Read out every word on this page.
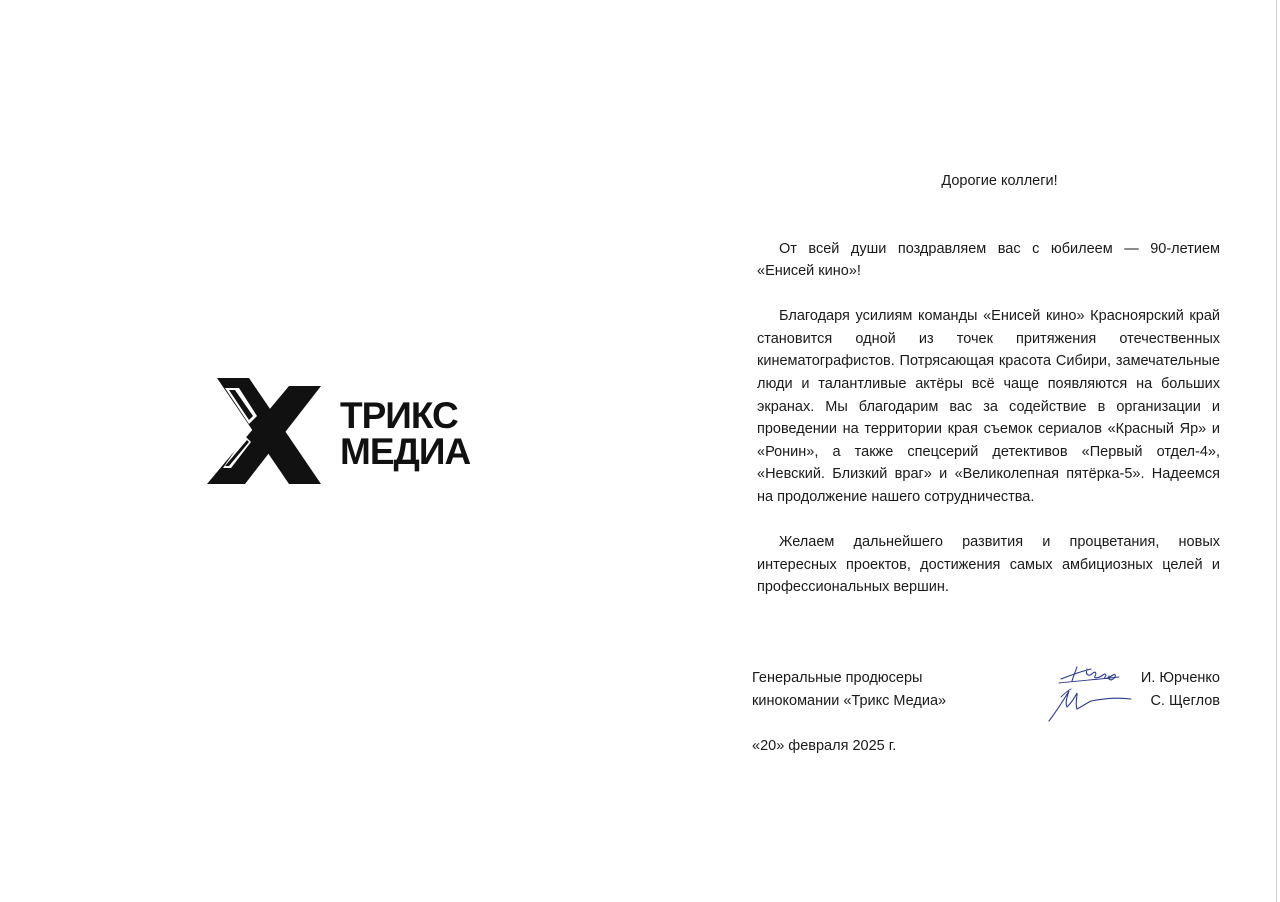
ТРИКС
МЕДИА
Дорогие коллеги!

От всей души поздравляем вас с юбилеем — 90-летием «Енисей кино»!

Благодаря усилиям команды «Енисей кино» Красноярский край становится одной из точек притяжения отечественных кинематографистов. Потрясающая красота Сибири, замечательные люди и талантливые актёры всё чаще появляются на больших экранах. Мы благодарим вас за содействие в организации и проведении на территории края съемок сериалов «Красный Яр» и «Ронин», а также спецсерий детективов «Первый отдел-4», «Невский. Близкий враг» и «Великолепная пятёрка-5». Надеемся на продолжение нашего сотрудничества.

Желаем дальнейшего развития и процветания, новых интересных проектов, достижения самых амбициозных целей и профессиональных вершин.

Генеральные продюсеры
кинокомании «Трикс Медиа»
И. Юрченко
С. Щеглов
«20» февраля 2025 г.
